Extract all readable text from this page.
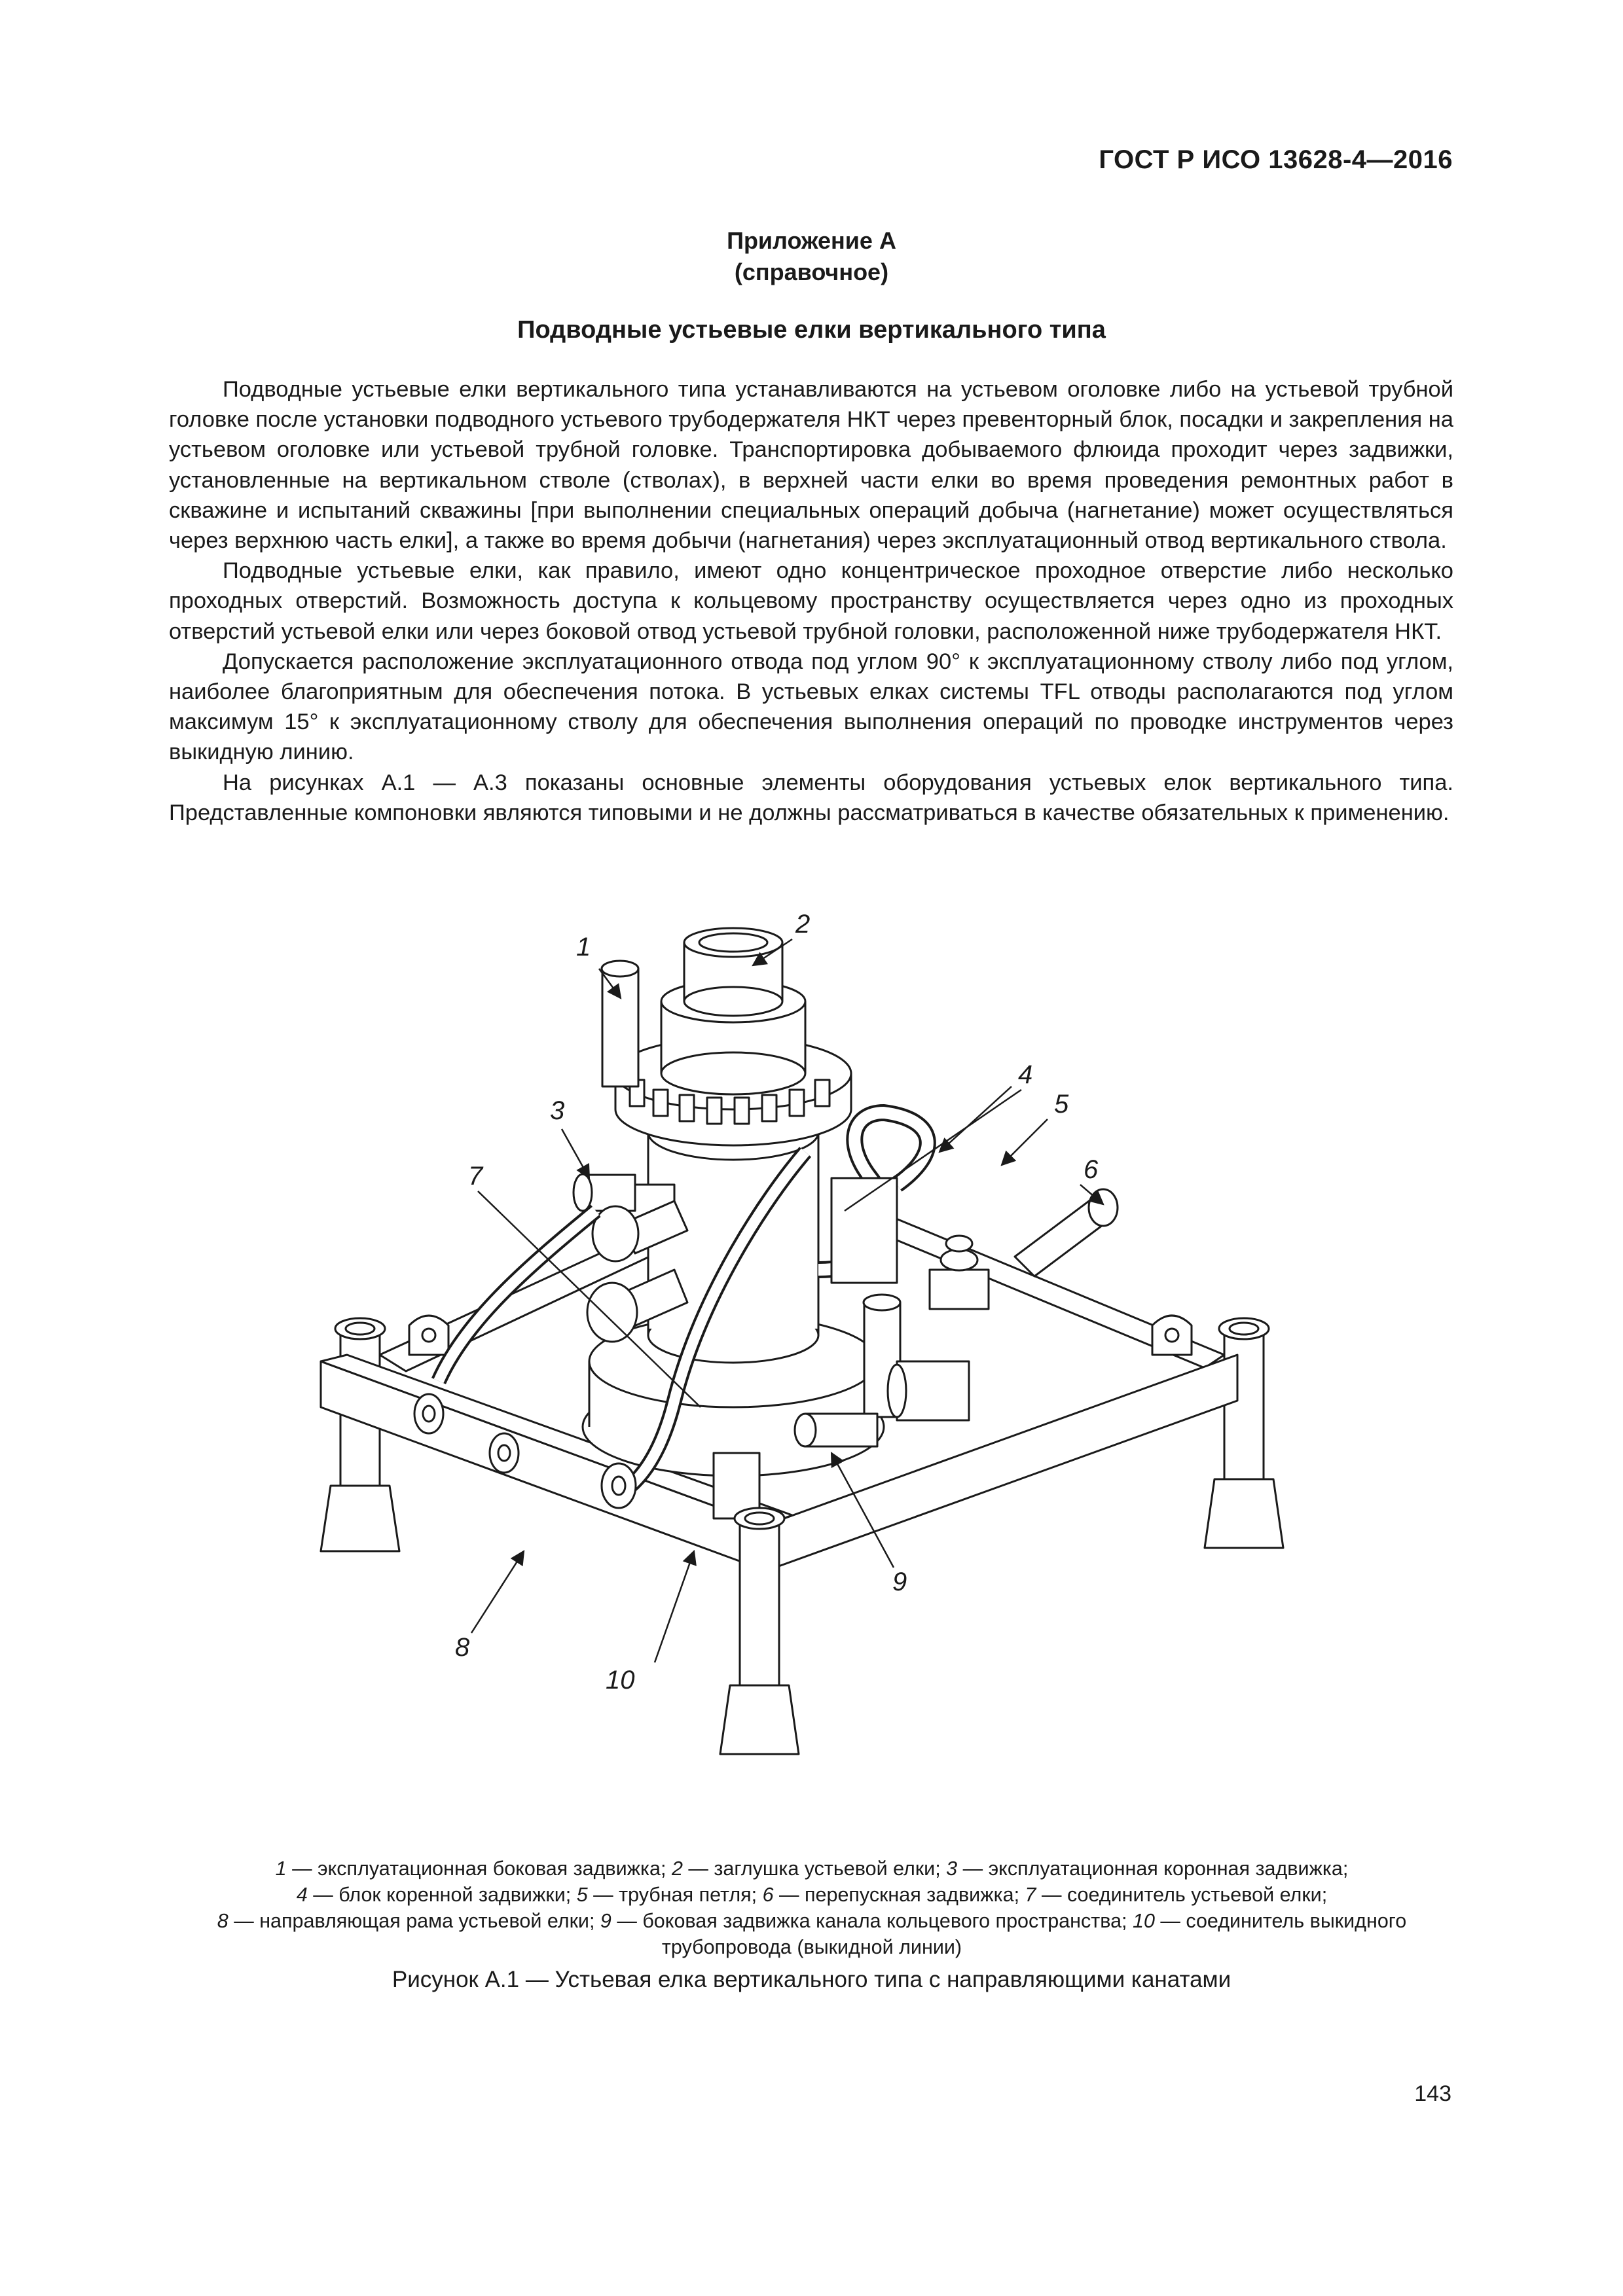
ГОСТ Р ИСО 13628-4—2016
Приложение А
(справочное)
Подводные устьевые елки вертикального типа

Подводные устьевые елки вертикального типа устанавливаются на устьевом оголовке либо на устьевой трубной головке после установки подводного устьевого трубодержателя НКТ через превенторный блок, посадки и закрепления на устьевом оголовке или устьевой трубной головке. Транспортировка добываемого флюида проходит через задвижки, установленные на вертикальном стволе (стволах), в верхней части елки во время проведения ремонтных работ в скважине и испытаний скважины [при выполнении специальных операций добыча (нагнетание) может осуществляться через верхнюю часть елки], а также во время добычи (нагнетания) через эксплуатационный отвод вертикального ствола.

Подводные устьевые елки, как правило, имеют одно концентрическое проходное отверстие либо несколько проходных отверстий. Возможность доступа к кольцевому пространству осуществляется через одно из проходных отверстий устьевой елки или через боковой отвод устьевой трубной головки, расположенной ниже трубодержателя НКТ.

Допускается расположение эксплуатационного отвода под углом 90° к эксплуатационному стволу либо под углом, наиболее благоприятным для обеспечения потока. В устьевых елках системы TFL отводы располагаются под углом максимум 15° к эксплуатационному стволу для обеспечения выполнения операций по проводке инструментов через выкидную линию.

На рисунках А.1 — А.3 показаны основные элементы оборудования устьевых елок вертикального типа. Представленные компоновки являются типовыми и не должны рассматриваться в качестве обязательных к применению.

1
2
3
4
5
6
7
8
9
10
1 — эксплуатационная боковая задвижка; 2 — заглушка устьевой елки; 3 — эксплуатационная коронная задвижка;
4 — блок коренной задвижки; 5 — трубная петля; 6 — перепускная задвижка; 7 — соединитель устьевой елки;
8 — направляющая рама устьевой елки; 9 — боковая задвижка канала кольцевого пространства; 10 — соединитель выкидного трубопровода (выкидной линии)
Рисунок А.1 — Устьевая елка вертикального типа с направляющими канатами
143
